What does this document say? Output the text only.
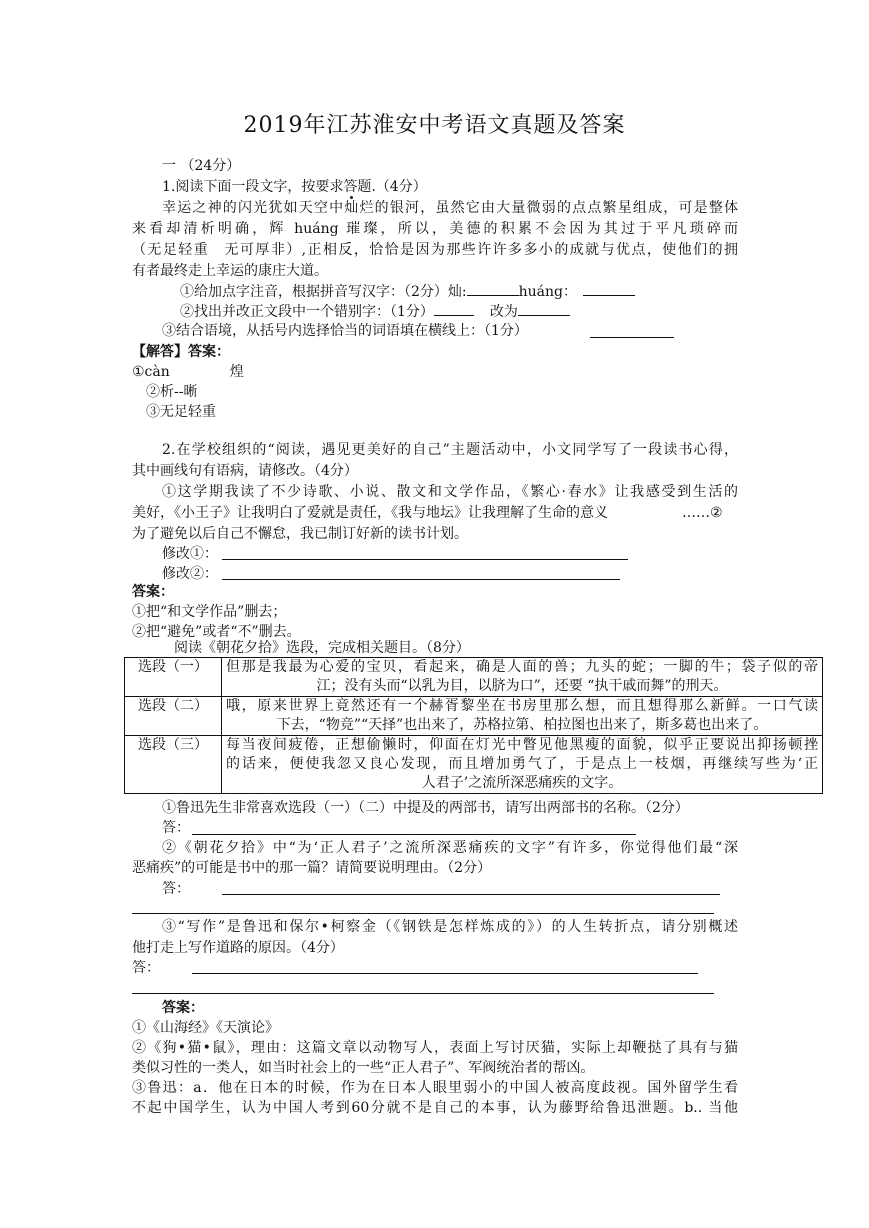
2019年江苏淮安中考语文真题及答案
一 （24分）
1.阅读下面一段文字，按要求答题.（4分）
幸运之神的闪光犹如天空中灿烂的银河，虽然它由大量微弱的点点繁星组成，可是整体
来看却清析明确，辉 huáng 璀璨，所以，美德的积累不会因为其过于平凡琐碎而
（无足轻重　无可厚非）,正相反，恰恰是因为那些许许多多小的成就与优点，使他们的拥
有者最终走上幸运的康庄大道。
①给加点字注音，根据拼音写汉字：（2分）灿:	huáng：
②找出并改正文段中一个错别字：（1分）	改为
③结合语境，从括号内选择恰当的词语填在横线上：（1分）
【解答】答案：
①càn	煌
②析--晰
③无足轻重
2.在学校组织的“阅读，遇见更美好的自己”主题活动中，小文同学写了一段读书心得，
其中画线句有语病，请修改。（4分）
①这学期我读了不少诗歌、小说、散文和文学作品，《繁心·春水》让我感受到生活的
美好，《小王子》让我明白了爱就是责任，《我与地坛》让我理解了生命的意义	……②
为了避免以后自己不懈怠，我已制订好新的读书计划。
修改①：
修改②：
答案：
①把“和文学作品”删去；
②把“避免”或者“不”删去。
阅读《朝花夕拾》选段，完成相关题目。（8分）
选段（一）	但那是我最为心爱的宝贝，看起来，确是人面的兽；九头的蛇；一脚的牛；袋子似的帝
江；没有头而“以乳为目，以脐为口”，还要 “执干戚而舞”的刑天。

选段（二）	哦，原来世界上竟然还有一个赫胥黎坐在书房里那么想，而且想得那么新鲜。一口气读
下去，“物竞”“天择”也出来了，苏格拉第、柏拉图也出来了，斯多葛也出来了。

选段（三）	每当夜间疲倦，正想偷懒时，仰面在灯光中瞥见他黑瘦的面貌，似乎正要说出抑扬顿挫
的话来，便使我忽又良心发现，而且增加勇气了，于是点上一枝烟，再继续写些为‘正
人君子’之流所深恶痛疾的文字。
①鲁迅先生非常喜欢选段（一）（二）中提及的两部书，请写出两部书的名称。（2分）
答：
②《朝花夕拾》中“为‘正人君子’之流所深恶痛疾的文字”有许多，你觉得他们最“深
恶痛疾”的可能是书中的那一篇？请简要说明理由。（2分）
答：
③“写作”是鲁迅和保尔•柯察金（《钢铁是怎样炼成的》）的人生转折点，请分别概述
他打走上写作道路的原因。（4分）
答：
答案：
①《山海经》《天演论》
②《狗•猫•鼠》，理由：这篇文章以动物写人，表面上写讨厌猫，实际上却鞭挞了具有与猫
类似习性的一类人，如当时社会上的一些“正人君子”、军阀统治者的帮凶。
③鲁迅：a．他在日本的时候，作为在日本人眼里弱小的中国人被高度歧视。国外留学生看
不起中国学生，认为中国人考到60分就不是自己的本事，认为藤野给鲁迅泄题。b.. 当他
